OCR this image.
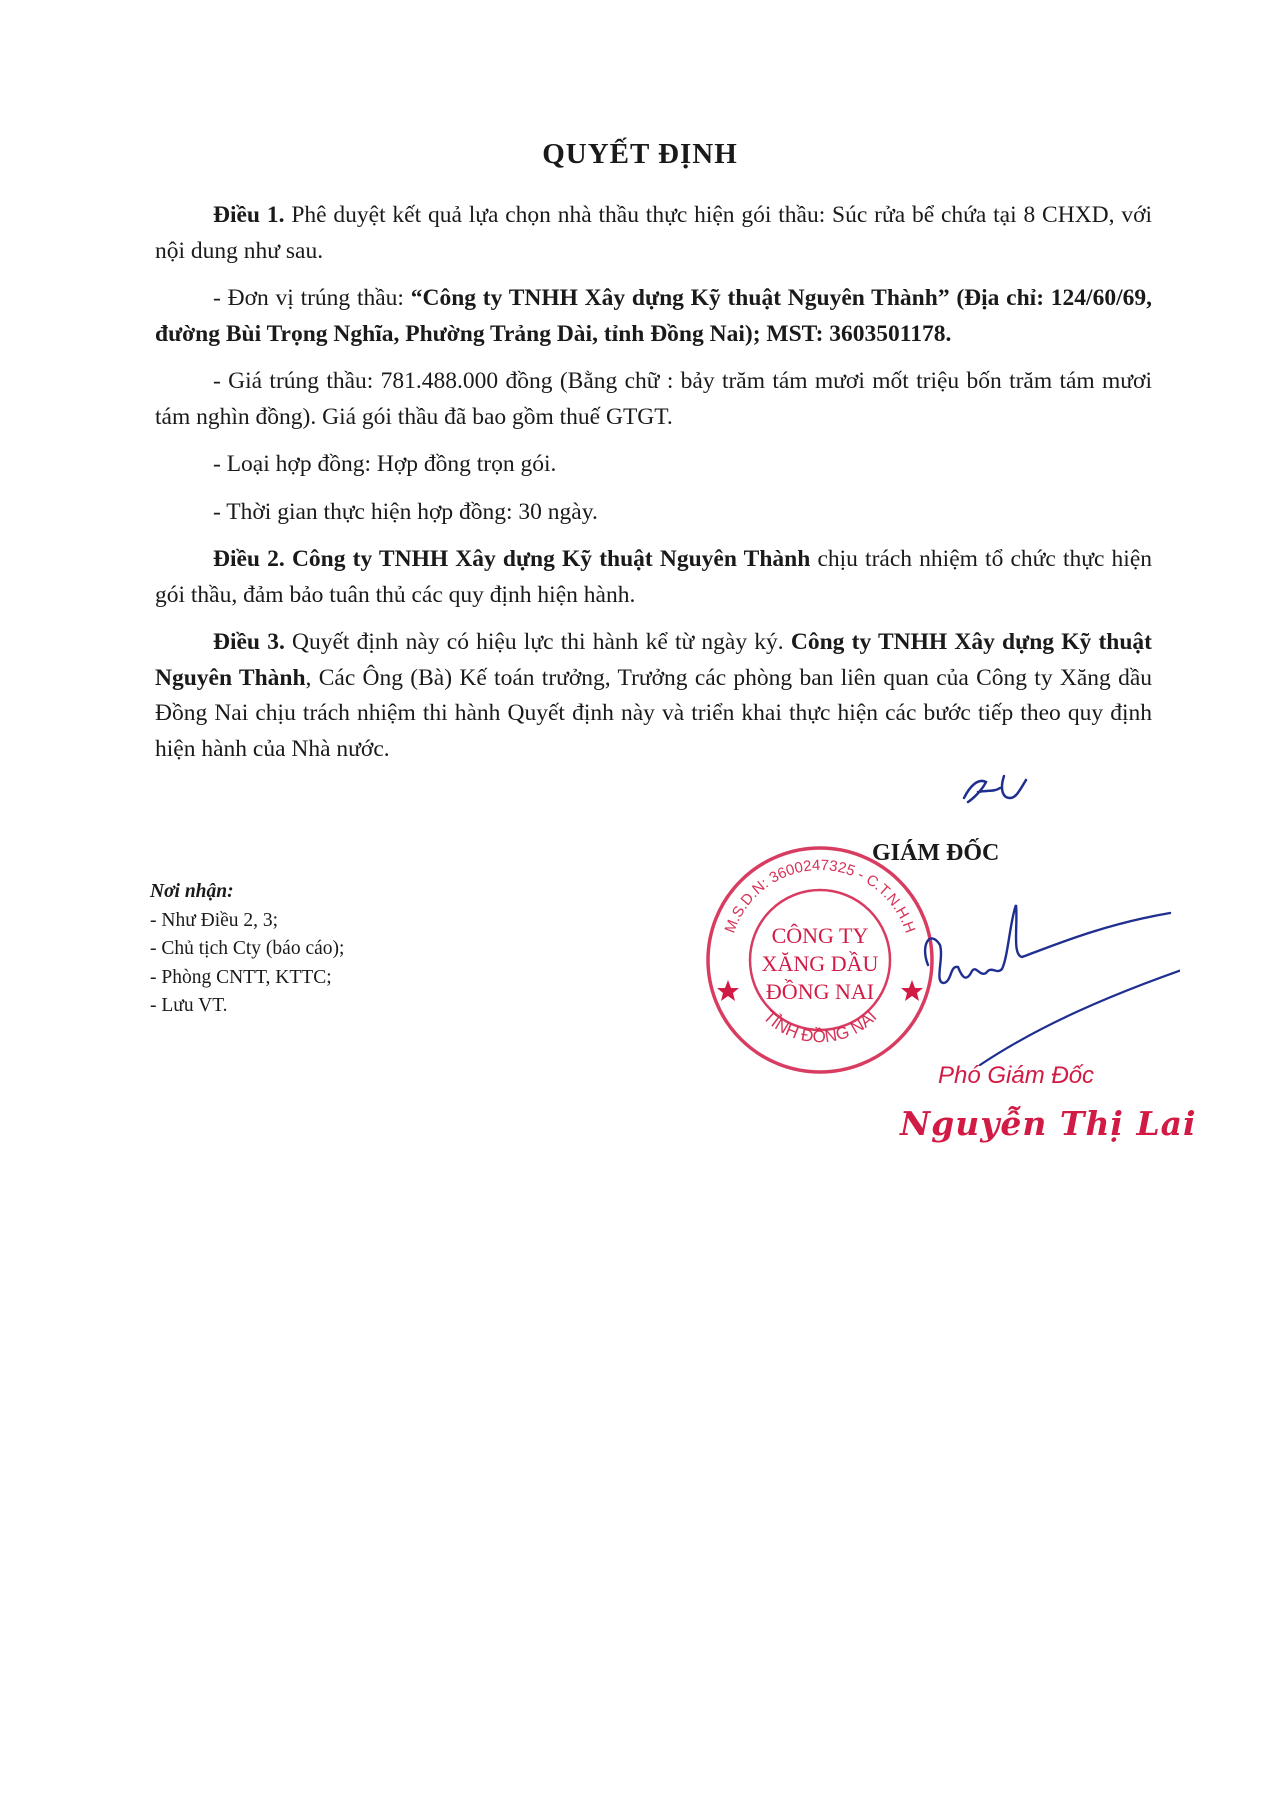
QUYẾT ĐỊNH

Điều 1. Phê duyệt kết quả lựa chọn nhà thầu thực hiện gói thầu: Súc rửa bể chứa tại 8 CHXD, với nội dung như sau.

- Đơn vị trúng thầu: “Công ty TNHH Xây dựng Kỹ thuật Nguyên Thành” (Địa chỉ: 124/60/69, đường Bùi Trọng Nghĩa, Phường Trảng Dài, tỉnh Đồng Nai); MST: 3603501178.

- Giá trúng thầu: 781.488.000 đồng (Bằng chữ : bảy trăm tám mươi mốt triệu bốn trăm tám mươi tám nghìn đồng). Giá gói thầu đã bao gồm thuế GTGT.

- Loại hợp đồng: Hợp đồng trọn gói.

- Thời gian thực hiện hợp đồng: 30 ngày.

Điều 2. Công ty TNHH Xây dựng Kỹ thuật Nguyên Thành chịu trách nhiệm tổ chức thực hiện gói thầu, đảm bảo tuân thủ các quy định hiện hành.

Điều 3. Quyết định này có hiệu lực thi hành kể từ ngày ký. Công ty TNHH Xây dựng Kỹ thuật Nguyên Thành, Các Ông (Bà) Kế toán trưởng, Trưởng các phòng ban liên quan của Công ty Xăng dầu Đồng Nai chịu trách nhiệm thi hành Quyết định này và triển khai thực hiện các bước tiếp theo quy định hiện hành của Nhà nước.

Nơi nhận:
- Như Điều 2, 3;
- Chủ tịch Cty (báo cáo);
- Phòng CNTT, KTTC;
- Lưu VT.
M.S.D.N: 3600247325 - C.T.N.H.H
TỈNH ĐỒNG NAI
CÔNG TY
XĂNG DẦU
ĐỒNG NAI
GIÁM ĐỐC
Phó Giám Đốc
Nguyễn Thị Lai
